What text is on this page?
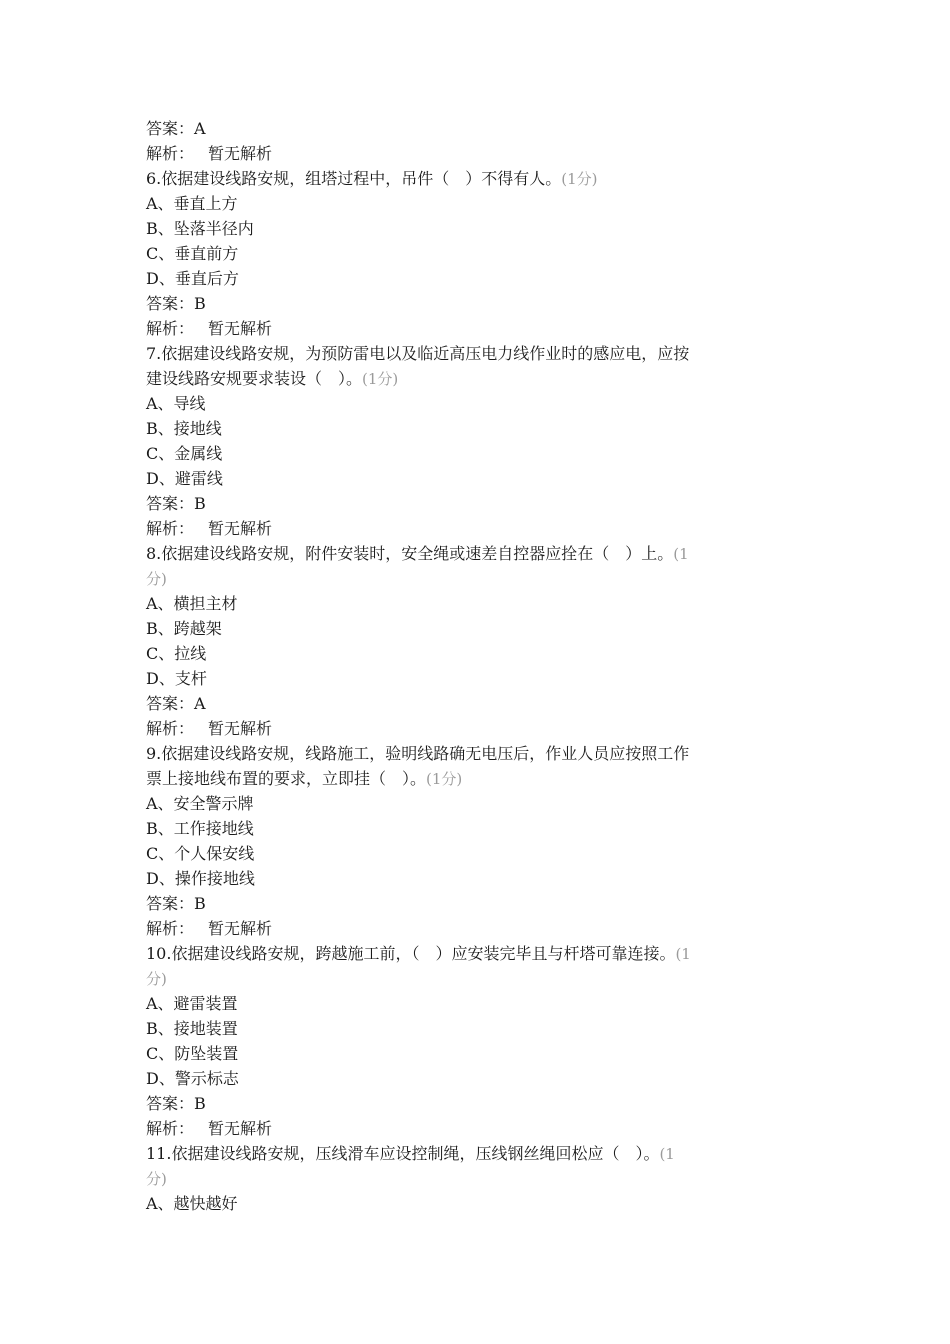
答案：A
解析： 暂无解析
6.依据建设线路安规，组塔过程中，吊件（　）不得有人。(1分)
A、垂直上方
B、坠落半径内
C、垂直前方
D、垂直后方
答案：B
解析： 暂无解析
7.依据建设线路安规，为预防雷电以及临近高压电力线作业时的感应电，应按
建设线路安规要求装设（　）。(1分)
A、导线
B、接地线
C、金属线
D、避雷线
答案：B
解析： 暂无解析
8.依据建设线路安规，附件安装时，安全绳或速差自控器应拴在（　）上。(1
分)
A、横担主材
B、跨越架
C、拉线
D、支杆
答案：A
解析： 暂无解析
9.依据建设线路安规，线路施工，验明线路确无电压后，作业人员应按照工作
票上接地线布置的要求，立即挂（　）。(1分)
A、安全警示牌
B、工作接地线
C、个人保安线
D、操作接地线
答案：B
解析： 暂无解析
10.依据建设线路安规，跨越施工前，（　）应安装完毕且与杆塔可靠连接。(1
分)
A、避雷装置
B、接地装置
C、防坠装置
D、警示标志
答案：B
解析： 暂无解析
11.依据建设线路安规，压线滑车应设控制绳，压线钢丝绳回松应（　）。(1
分)
A、越快越好
